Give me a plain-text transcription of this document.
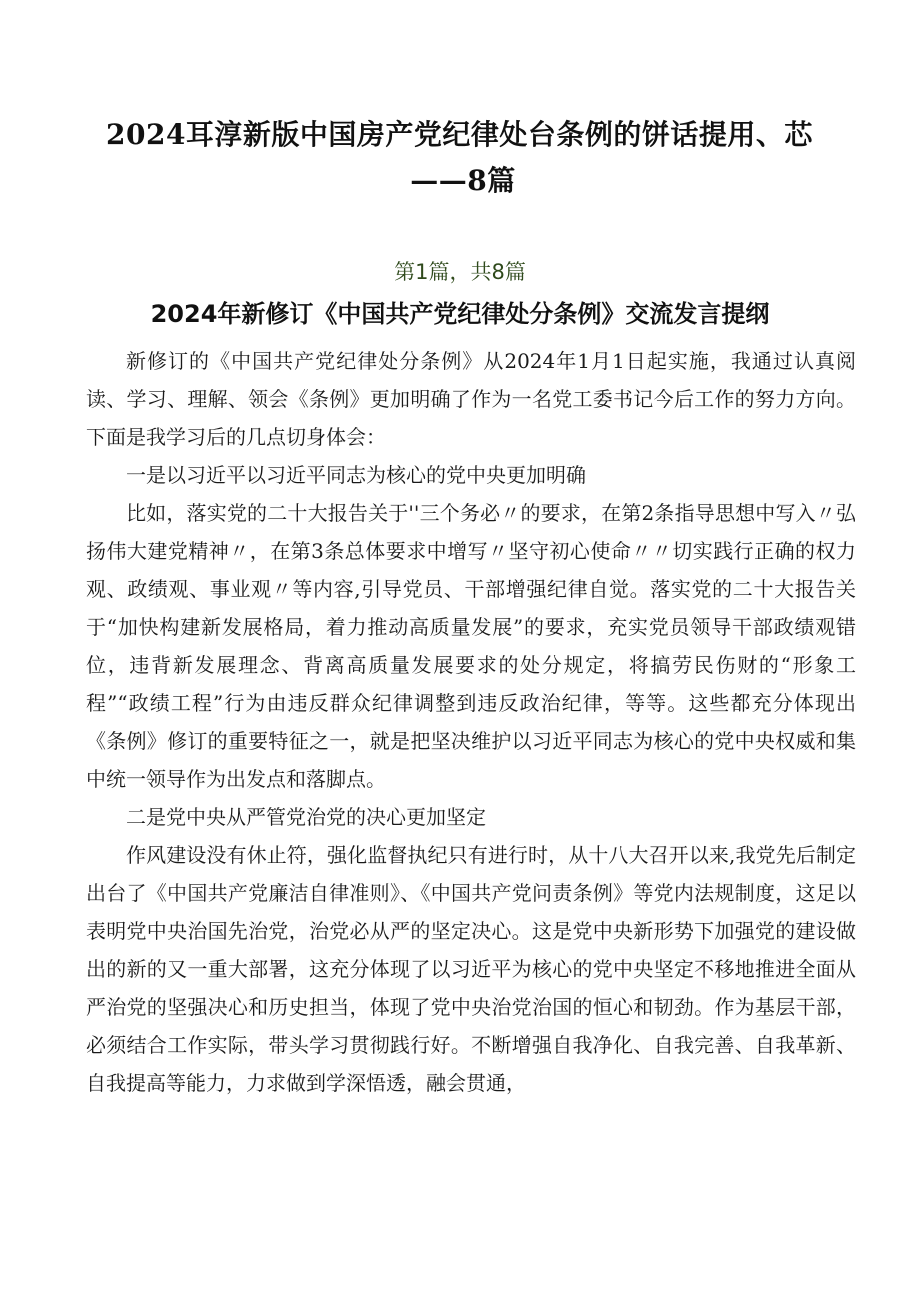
2024耳淳新版中国房产党纪律处台条例的饼话提用、芯
——8篇

第1篇，共8篇

2024年新修订《中国共产党纪律处分条例》交流发言提纲

新修订的《中国共产党纪律处分条例》从2024年1月1日起实施，我通过认真阅读、学习、理解、领会《条例》更加明确了作为一名党工委书记今后工作的努力方向。下面是我学习后的几点切身体会：

一是以习近平以习近平同志为核心的党中央更加明确

比如，落实党的二十大报告关于''三个务必〃的要求，在第2条指导思想中写入〃弘扬伟大建党精神〃，在第3条总体要求中增写〃坚守初心使命〃〃切实践行正确的权力观、政绩观、事业观〃等内容,引导党员、干部增强纪律自觉。落实党的二十大报告关于“加快构建新发展格局，着力推动高质量发展”的要求，充实党员领导干部政绩观错位，违背新发展理念、背离高质量发展要求的处分规定，将搞劳民伤财的“形象工程”“政绩工程”行为由违反群众纪律调整到违反政治纪律，等等。这些都充分体现出《条例》修订的重要特征之一，就是把坚决维护以习近平同志为核心的党中央权威和集中统一领导作为出发点和落脚点。

二是党中央从严管党治党的决心更加坚定

作风建设没有休止符，强化监督执纪只有进行时，从十八大召开以来,我党先后制定出台了《中国共产党廉洁自律准则》、《中国共产党问责条例》等党内法规制度，这足以表明党中央治国先治党，治党必从严的坚定决心。这是党中央新形势下加强党的建设做出的新的又一重大部署，这充分体现了以习近平为核心的党中央坚定不移地推进全面从严治党的坚强决心和历史担当，体现了党中央治党治国的恒心和韧劲。作为基层干部，必须结合工作实际，带头学习贯彻践行好。不断增强自我净化、自我完善、自我革新、自我提高等能力，力求做到学深悟透，融会贯通，
